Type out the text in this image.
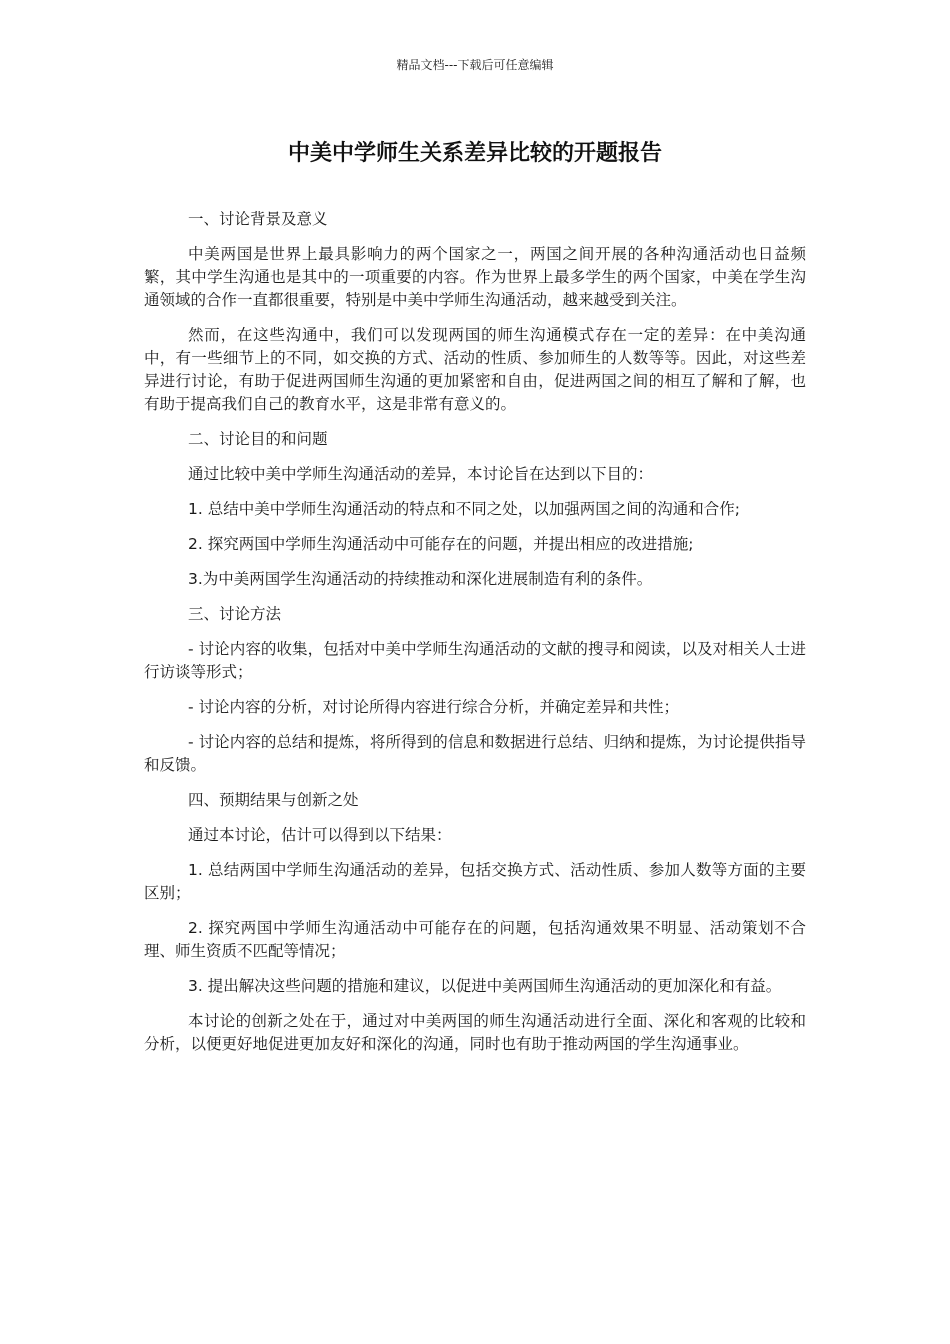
精品文档---下载后可任意编辑
中美中学师生关系差异比较的开题报告

一、讨论背景及意义

中美两国是世界上最具影响力的两个国家之一，两国之间开展的各种沟通活动也日益频繁，其中学生沟通也是其中的一项重要的内容。作为世界上最多学生的两个国家，中美在学生沟通领域的合作一直都很重要，特别是中美中学师生沟通活动，越来越受到关注。

然而，在这些沟通中，我们可以发现两国的师生沟通模式存在一定的差异：在中美沟通中，有一些细节上的不同，如交换的方式、活动的性质、参加师生的人数等等。因此，对这些差异进行讨论，有助于促进两国师生沟通的更加紧密和自由，促进两国之间的相互了解和了解，也有助于提高我们自己的教育水平，这是非常有意义的。

二、讨论目的和问题

通过比较中美中学师生沟通活动的差异，本讨论旨在达到以下目的：

1. 总结中美中学师生沟通活动的特点和不同之处，以加强两国之间的沟通和合作;

2. 探究两国中学师生沟通活动中可能存在的问题，并提出相应的改进措施;

3.为中美两国学生沟通活动的持续推动和深化进展制造有利的条件。

三、讨论方法

- 讨论内容的收集，包括对中美中学师生沟通活动的文献的搜寻和阅读，以及对相关人士进行访谈等形式；

- 讨论内容的分析，对讨论所得内容进行综合分析，并确定差异和共性；

- 讨论内容的总结和提炼，将所得到的信息和数据进行总结、归纳和提炼，为讨论提供指导和反馈。

四、预期结果与创新之处

通过本讨论，估计可以得到以下结果：

1. 总结两国中学师生沟通活动的差异，包括交换方式、活动性质、参加人数等方面的主要区别；

2. 探究两国中学师生沟通活动中可能存在的问题，包括沟通效果不明显、活动策划不合理、师生资质不匹配等情况；

3. 提出解决这些问题的措施和建议，以促进中美两国师生沟通活动的更加深化和有益。

本讨论的创新之处在于，通过对中美两国的师生沟通活动进行全面、深化和客观的比较和分析，以便更好地促进更加友好和深化的沟通，同时也有助于推动两国的学生沟通事业。
